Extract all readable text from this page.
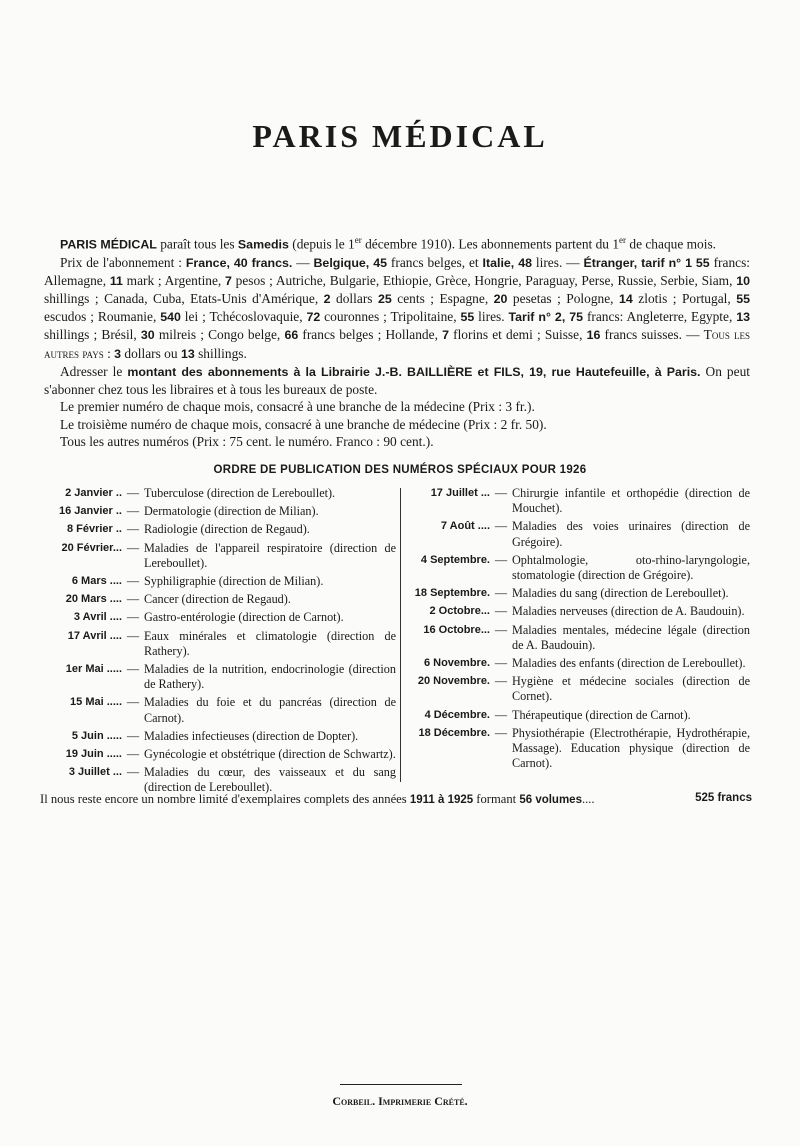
PARIS MÉDICAL

PARIS MÉDICAL paraît tous les Samedis (depuis le 1er décembre 1910). Les abonnements partent du 1er de chaque mois.

Prix de l'abonnement : France, 40 francs. — Belgique, 45 francs belges, et Italie, 48 lires. — Étranger, tarif n° 1 55 francs: Allemagne, 11 mark ; Argentine, 7 pesos ; Autriche, Bulgarie, Ethiopie, Grèce, Hongrie, Paraguay, Perse, Russie, Serbie, Siam, 10 shillings ; Canada, Cuba, Etats-Unis d'Amérique, 2 dollars 25 cents ; Espagne, 20 pesetas ; Pologne, 14 zlotis ; Portugal, 55 escudos ; Roumanie, 540 lei ; Tchécoslovaquie, 72 couronnes ; Tripolitaine, 55 lires. Tarif n° 2, 75 francs: Angleterre, Egypte, 13 shillings ; Brésil, 30 milreis ; Congo belge, 66 francs belges ; Hollande, 7 florins et demi ; Suisse, 16 francs suisses. — Tous les autres pays : 3 dollars ou 13 shillings.

Adresser le montant des abonnements à la Librairie J.-B. BAILLIÈRE et FILS, 19, rue Hautefeuille, à Paris. On peut s'abonner chez tous les libraires et à tous les bureaux de poste.

Le premier numéro de chaque mois, consacré à une branche de la médecine (Prix : 3 fr.).

Le troisième numéro de chaque mois, consacré à une branche de médecine (Prix : 2 fr. 50).

Tous les autres numéros (Prix : 75 cent. le numéro. Franco : 90 cent.).

ORDRE DE PUBLICATION DES NUMÉROS SPÉCIAUX POUR 1926
2 Janvier .. — Tuberculose (direction de Lereboullet).
16 Janvier .. — Dermatologie (direction de Milian).
8 Février .. — Radiologie (direction de Regaud).
20 Février... — Maladies de l'appareil respiratoire (direction de Lereboullet).
6 Mars .... — Syphiligraphie (direction de Milian).
20 Mars .... — Cancer (direction de Regaud).
3 Avril .... — Gastro-entérologie (direction de Carnot).
17 Avril .... — Eaux minérales et climatologie (direction de Rathery).
1er Mai ..... — Maladies de la nutrition, endocrinologie (direction de Rathery).
15 Mai ..... — Maladies du foie et du pancréas (direction de Carnot).
5 Juin ..... — Maladies infectieuses (direction de Dopter).
19 Juin ..... — Gynécologie et obstétrique (direction de Schwartz).
3 Juillet ... — Maladies du cœur, des vaisseaux et du sang (direction de Lereboullet).
17 Juillet ... — Chirurgie infantile et orthopédie (direction de Mouchet).
7 Août .... — Maladies des voies urinaires (direction de Grégoire).
4 Septembre. — Ophtalmologie, oto-rhino-laryngologie, stomatologie (direction de Grégoire).
18 Septembre. — Maladies du sang (direction de Lereboullet).
2 Octobre... — Maladies nerveuses (direction de A. Baudouin).
16 Octobre... — Maladies mentales, médecine légale (direction de A. Baudouin).
6 Novembre. — Maladies des enfants (direction de Lereboullet).
20 Novembre. — Hygiène et médecine sociales (direction de Cornet).
4 Décembre. — Thérapeutique (direction de Carnot).
18 Décembre. — Physiothérapie (Electrothérapie, Hydrothérapie, Massage). Education physique (direction de Carnot).
Il nous reste encore un nombre limité d'exemplaires complets des années 1911 à 1925 formant 56 volumes....	525 francs
Corbeil. Imprimerie Crété.
